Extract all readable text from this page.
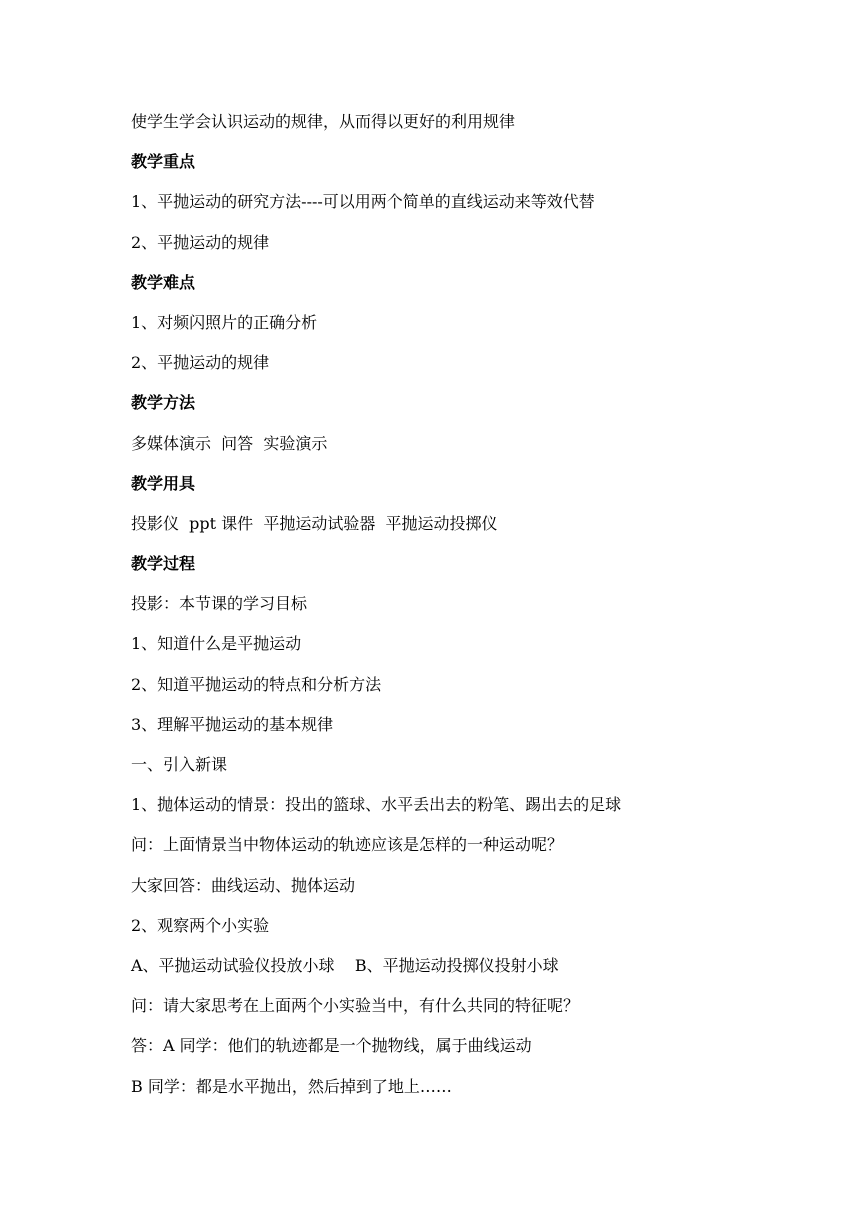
使学生学会认识运动的规律，从而得以更好的利用规律
教学重点
1、平抛运动的研究方法----可以用两个简单的直线运动来等效代替
2、平抛运动的规律
教学难点
1、对频闪照片的正确分析
2、平抛运动的规律
教学方法
多媒体演示  问答  实验演示
教学用具
投影仪  ppt 课件  平抛运动试验器  平抛运动投掷仪
教学过程
投影：本节课的学习目标
1、知道什么是平抛运动
2、知道平抛运动的特点和分析方法
3、理解平抛运动的基本规律
一、引入新课
1、抛体运动的情景：投出的篮球、水平丢出去的粉笔、踢出去的足球
问：上面情景当中物体运动的轨迹应该是怎样的一种运动呢？
大家回答：曲线运动、抛体运动
2、观察两个小实验
A、平抛运动试验仪投放小球    B、平抛运动投掷仪投射小球
问：请大家思考在上面两个小实验当中，有什么共同的特征呢？
答：A 同学：他们的轨迹都是一个抛物线，属于曲线运动
B 同学：都是水平抛出，然后掉到了地上……
